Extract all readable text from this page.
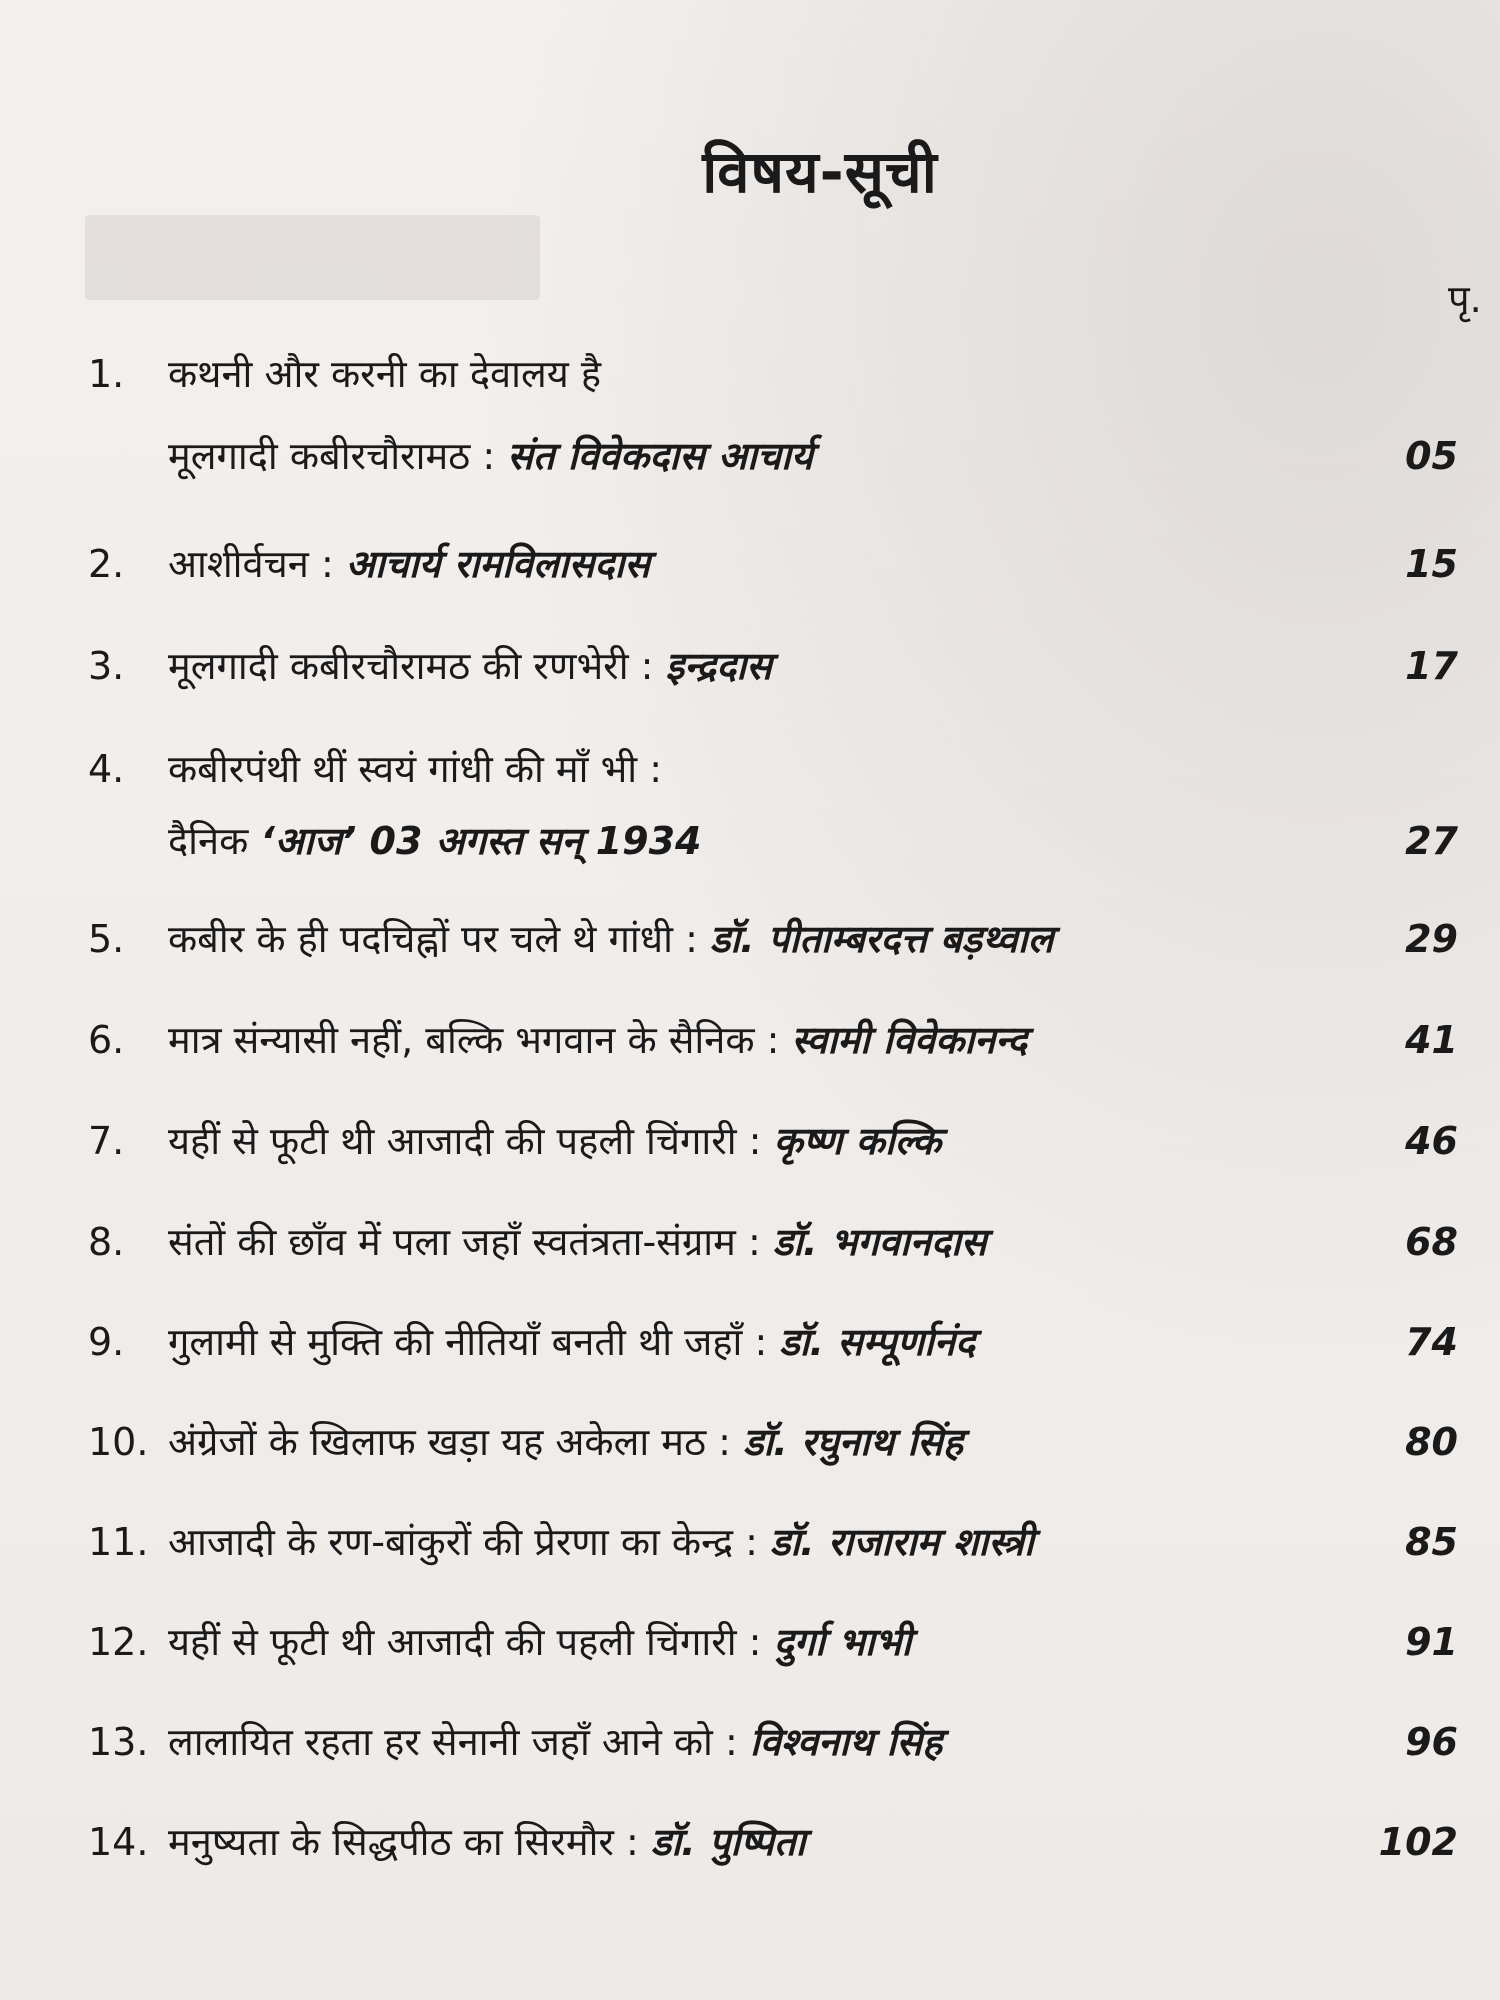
विषय-सूची
पृ.
1.	कथनी और करनी का देवालय है
मूलगादी कबीरचौरामठ : संत विवेकदास आचार्य	05
2.	आशीर्वचन : आचार्य रामविलासदास	15
3.	मूलगादी कबीरचौरामठ की रणभेरी : इन्द्रदास	17
4.	कबीरपंथी थीं स्वयं गांधी की माँ भी :
दैनिक ‘आज’ 03 अगस्त सन् 1934	27
5.	कबीर के ही पदचिह्नों पर चले थे गांधी : डॉ. पीताम्बरदत्त बड़थ्वाल	29
6.	मात्र संन्यासी नहीं, बल्कि भगवान के सैनिक : स्वामी विवेकानन्द	41
7.	यहीं से फूटी थी आजादी की पहली चिंगारी : कृष्ण कल्कि	46
8.	संतों की छाँव में पला जहाँ स्वतंत्रता-संग्राम : डॉ. भगवानदास	68
9.	गुलामी से मुक्ति की नीतियाँ बनती थी जहाँ : डॉ. सम्पूर्णानंद	74
10. अंग्रेजों के खिलाफ खड़ा यह अकेला मठ : डॉ. रघुनाथ सिंह	80
11. आजादी के रण-बांकुरों की प्रेरणा का केन्द्र : डॉ. राजाराम शास्त्री	85
12. यहीं से फूटी थी आजादी की पहली चिंगारी : दुर्गा भाभी	91
13. लालायित रहता हर सेनानी जहाँ आने को : विश्वनाथ सिंह	96
14. मनुष्यता के सिद्धपीठ का सिरमौर : डॉ. पुष्पिता	102
